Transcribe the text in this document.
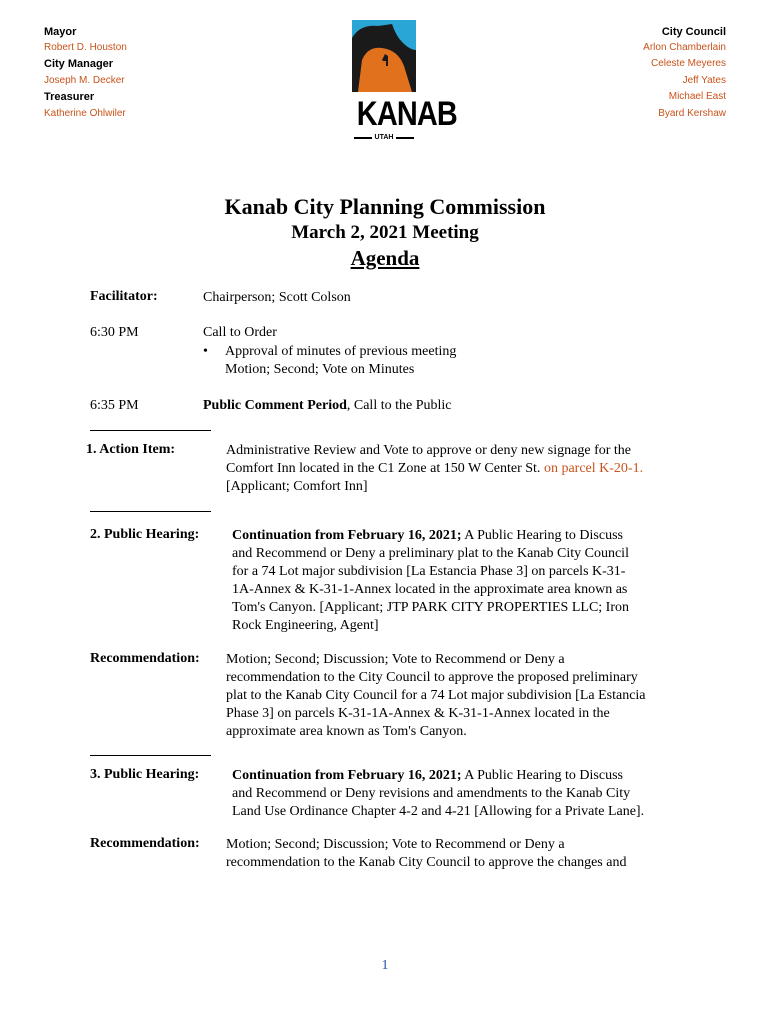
Mayor
Robert D. Houston
City Manager
Joseph M. Decker
Treasurer
Katherine Ohlwiler
City Council
Arlon Chamberlain
Celeste Meyeres
Jeff Yates
Michael East
Byard Kershaw
KANAB
UTAH
Kanab City Planning Commission
March 2, 2021 Meeting
Agenda
Facilitator:	Chairperson; Scott Colson
6:30 PM	Call to Order
•	Approval of minutes of previous meeting
Motion; Second; Vote on Minutes
6:35 PM	Public Comment Period, Call to the Public
1. Action Item:	Administrative Review and Vote to approve or deny new signage for the
Comfort Inn located in the C1 Zone at 150 W Center St. on parcel K-20-1.
[Applicant; Comfort Inn]
2. Public Hearing: Continuation from February 16, 2021; A Public Hearing to Discuss
and Recommend or Deny a preliminary plat to the Kanab City Council
for a 74 Lot major subdivision [La Estancia Phase 3] on parcels K-31-
1A-Annex & K-31-1-Annex located in the approximate area known as
Tom's Canyon. [Applicant; JTP PARK CITY PROPERTIES LLC; Iron
Rock Engineering, Agent]
Recommendation: Motion; Second; Discussion; Vote to Recommend or Deny a
recommendation to the City Council to approve the proposed preliminary
plat to the Kanab City Council for a 74 Lot major subdivision [La Estancia
Phase 3] on parcels K-31-1A-Annex & K-31-1-Annex located in the
approximate area known as Tom's Canyon.
3. Public Hearing: Continuation from February 16, 2021; A Public Hearing to Discuss
and Recommend or Deny revisions and amendments to the Kanab City
Land Use Ordinance Chapter 4-2 and 4-21 [Allowing for a Private Lane].
Recommendation: Motion; Second; Discussion; Vote to Recommend or Deny a
recommendation to the Kanab City Council to approve the changes and
1
